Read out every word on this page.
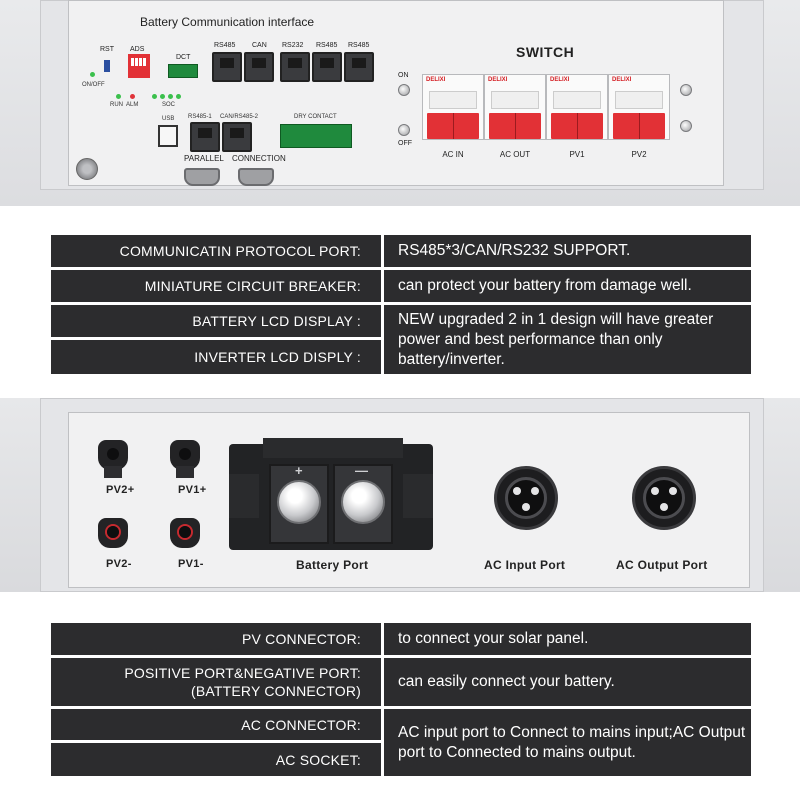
Battery Communication interface
SWITCH
RST ADS
DCT
ON/OFF
RUN ALM	SOC
RS485 CAN RS232 RS485 RS485
USB RS485-1 CAN/RS485-2	DRY CONTACT
PARALLEL CONNECTION
ON
OFF
DELIXI	DELIXI	DELIXI	DELIXI
AC IN	AC OUT	PV1	PV2
COMMUNICATIN PROTOCOL PORT:	RS485*3/CAN/RS232 SUPPORT.
MINIATURE CIRCUIT BREAKER:	can protect your battery from damage well.
BATTERY LCD DISPLAY :
INVERTER LCD DISPLY :
NEW upgraded 2 in 1 design will have greater power and best performance than only battery/inverter.
PV2+	PV1+
PV2-	PV1-
+	—
Battery Port	AC Input Port	AC Output Port
PV CONNECTOR:	to connect your solar panel.
POSITIVE PORT&NEGATIVE PORT:
(BATTERY CONNECTOR)
can easily connect your battery.
AC CONNECTOR:
AC SOCKET:
AC input port to Connect to mains input;AC Output port to Connected to mains output.
